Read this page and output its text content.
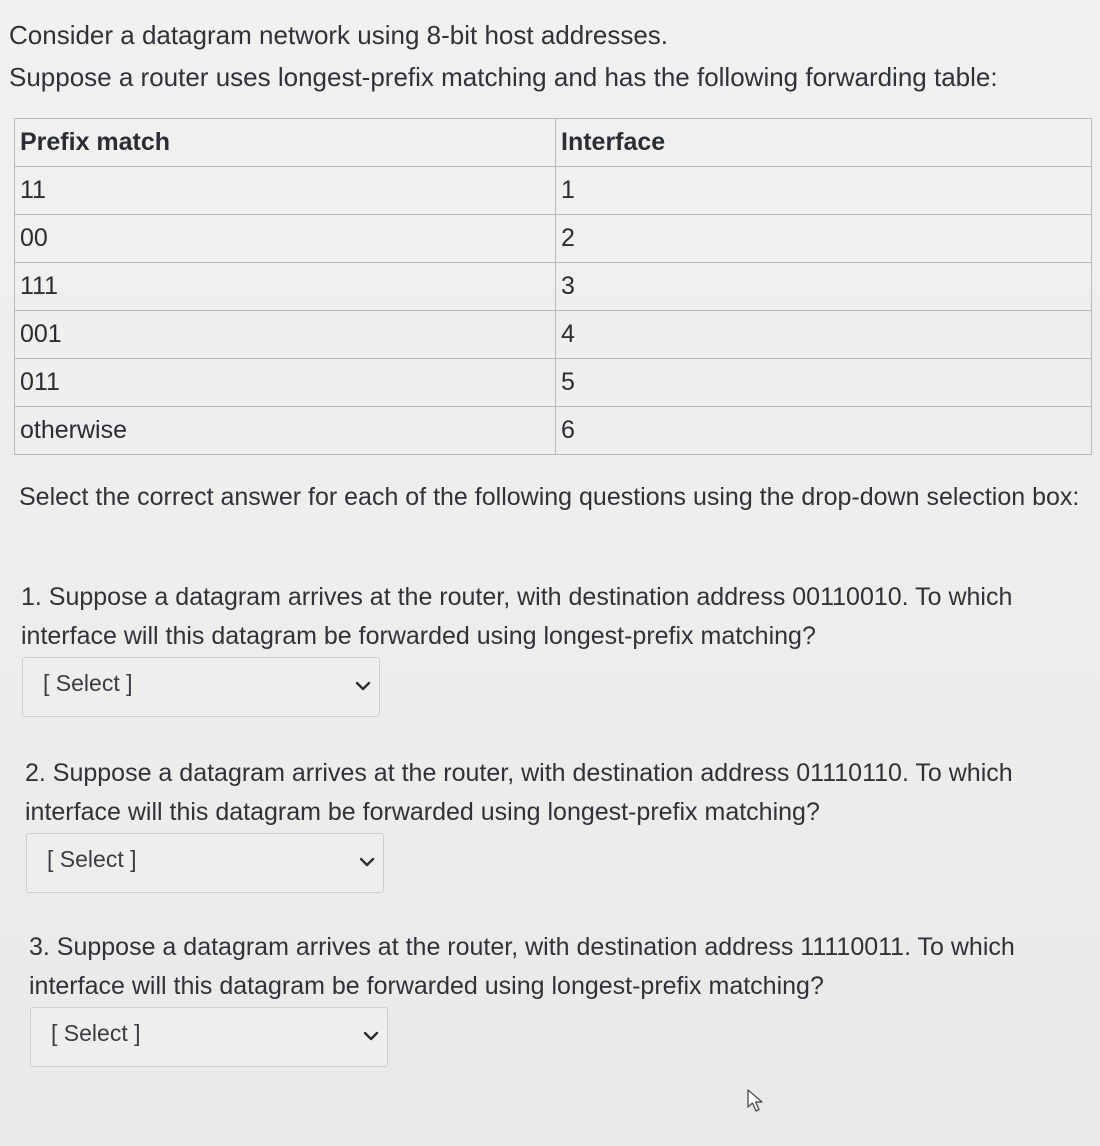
Consider a datagram network using 8-bit host addresses.
Suppose a router uses longest-prefix matching and has the following forwarding table:
Prefix match	Interface
11	1
00	2
111	3
001	4
011	5
otherwise	6
Select the correct answer for each of the following questions using the drop-down selection box:
1. Suppose a datagram arrives at the router, with destination address 00110010. To which interface will this datagram be forwarded using longest-prefix matching?
[ Select ]
2. Suppose a datagram arrives at the router, with destination address 01110110. To which interface will this datagram be forwarded using longest-prefix matching?
[ Select ]
3. Suppose a datagram arrives at the router, with destination address 11110011. To which interface will this datagram be forwarded using longest-prefix matching?
[ Select ]
